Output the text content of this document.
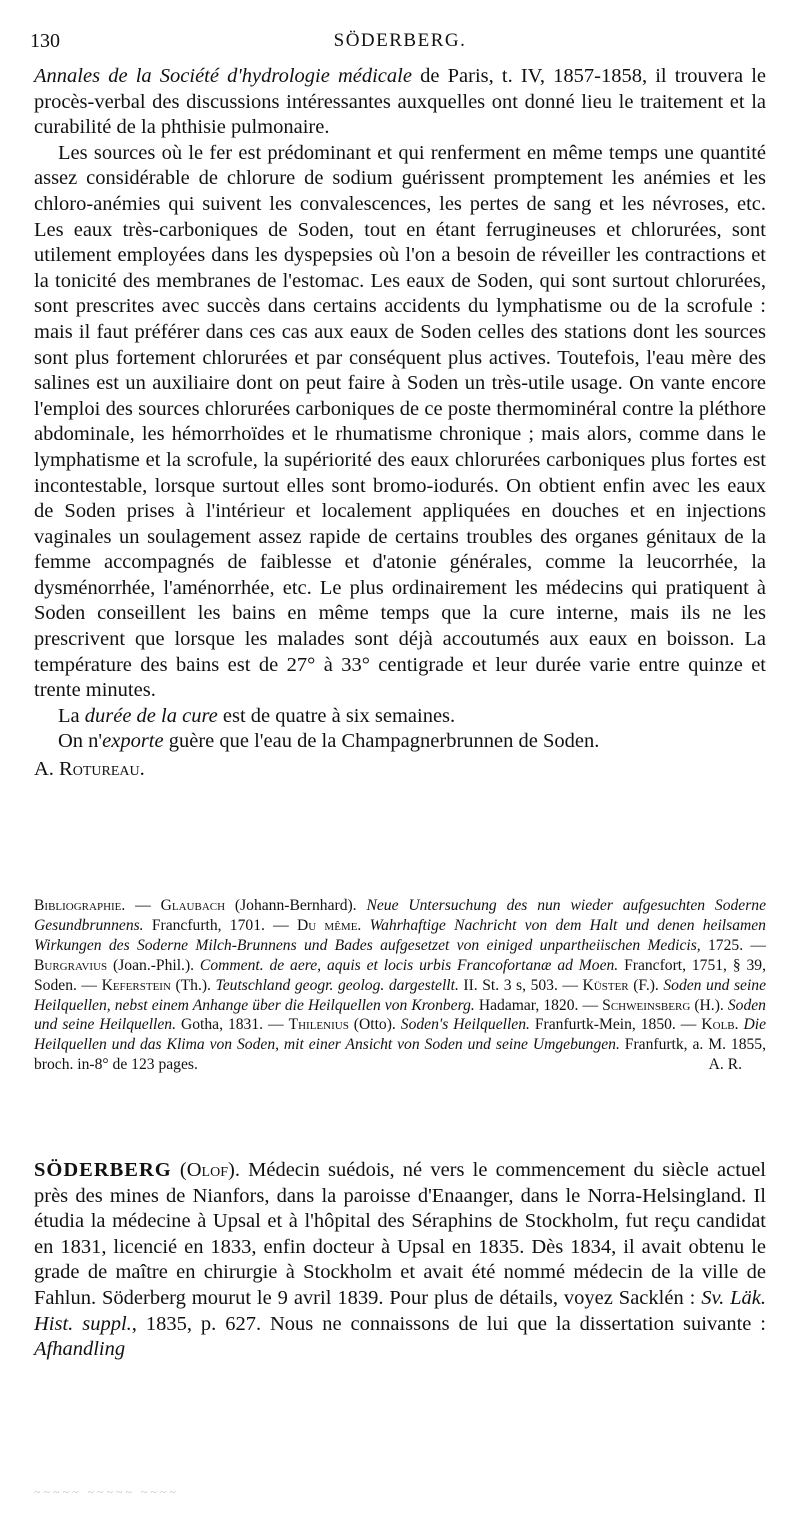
130	SÖDERBERG.

Annales de la Société d'hydrologie médicale de Paris, t. IV, 1857-1858, il trouvera le procès-verbal des discussions intéressantes auxquelles ont donné lieu le traitement et la curabilité de la phthisie pulmonaire.

Les sources où le fer est prédominant et qui renferment en même temps une quantité assez considérable de chlorure de sodium guérissent promptement les anémies et les chloro-anémies qui suivent les convalescences, les pertes de sang et les névroses, etc. Les eaux très-carboniques de Soden, tout en étant ferrugineuses et chlorurées, sont utilement employées dans les dyspepsies où l'on a besoin de réveiller les contractions et la tonicité des membranes de l'estomac. Les eaux de Soden, qui sont surtout chlorurées, sont prescrites avec succès dans certains accidents du lymphatisme ou de la scrofule : mais il faut préférer dans ces cas aux eaux de Soden celles des stations dont les sources sont plus fortement chlorurées et par conséquent plus actives. Toutefois, l'eau mère des salines est un auxiliaire dont on peut faire à Soden un très-utile usage. On vante encore l'emploi des sources chlorurées carboniques de ce poste thermominéral contre la pléthore abdominale, les hémorrhoïdes et le rhumatisme chronique ; mais alors, comme dans le lymphatisme et la scrofule, la supériorité des eaux chlorurées carboniques plus fortes est incontestable, lorsque surtout elles sont bromo-iodurés. On obtient enfin avec les eaux de Soden prises à l'intérieur et localement appliquées en douches et en injections vaginales un soulagement assez rapide de certains troubles des organes génitaux de la femme accompagnés de faiblesse et d'atonie générales, comme la leucorrhée, la dysménorrhée, l'aménorrhée, etc. Le plus ordinairement les médecins qui pratiquent à Soden conseillent les bains en même temps que la cure interne, mais ils ne les prescrivent que lorsque les malades sont déjà accoutumés aux eaux en boisson. La température des bains est de 27° à 33° centigrade et leur durée varie entre quinze et trente minutes.

La durée de la cure est de quatre à six semaines.

On n'exporte guère que l'eau de la Champagnerbrunnen de Soden.

A. Rotureau.

Bibliographie. — Glaubach (Johann-Bernhard). Neue Untersuchung des nun wieder aufgesuchten Soderne Gesundbrunnens. Francfurth, 1701. — Du même. Wahrhaftige Nachricht von dem Halt und denen heilsamen Wirkungen des Soderne Milch-Brunnens und Bades aufgesetzet von einiged unpartheiischen Medicis, 1725. — Burgravius (Joan.-Phil.). Comment. de aere, aquis et locis urbis Francofortanæ ad Moen. Francfort, 1751, § 39, Soden. — Keferstein (Th.). Teutschland geogr. geolog. dargestellt. II. St. 3 s, 503. — Küster (F.). Soden und seine Heilquellen, nebst einem Anhange über die Heilquellen von Kronberg. Hadamar, 1820. — Schweinsberg (H.). Soden und seine Heilquellen. Gotha, 1831. — Thilenius (Otto). Soden's Heilquellen. Franfurtk-Mein, 1850. — Kolb. Die Heilquellen und das Klima von Soden, mit einer Ansicht von Soden und seine Umgebungen. Franfurtk, a. M. 1855, broch. in-8° de 123 pages.	A. R.

SÖDERBERG (Olof). Médecin suédois, né vers le commencement du siècle actuel près des mines de Nianfors, dans la paroisse d'Enaanger, dans le Norra-Helsingland. Il étudia la médecine à Upsal et à l'hôpital des Séraphins de Stockholm, fut reçu candidat en 1831, licencié en 1833, enfin docteur à Upsal en 1835. Dès 1834, il avait obtenu le grade de maître en chirurgie à Stockholm et avait été nommé médecin de la ville de Fahlun. Söderberg mourut le 9 avril 1839. Pour plus de détails, voyez Sacklén : Sv. Läk. Hist. suppl., 1835, p. 627. Nous ne connaissons de lui que la dissertation suivante : Afhandling

~~~~~ ~~~~~ ~~~~
